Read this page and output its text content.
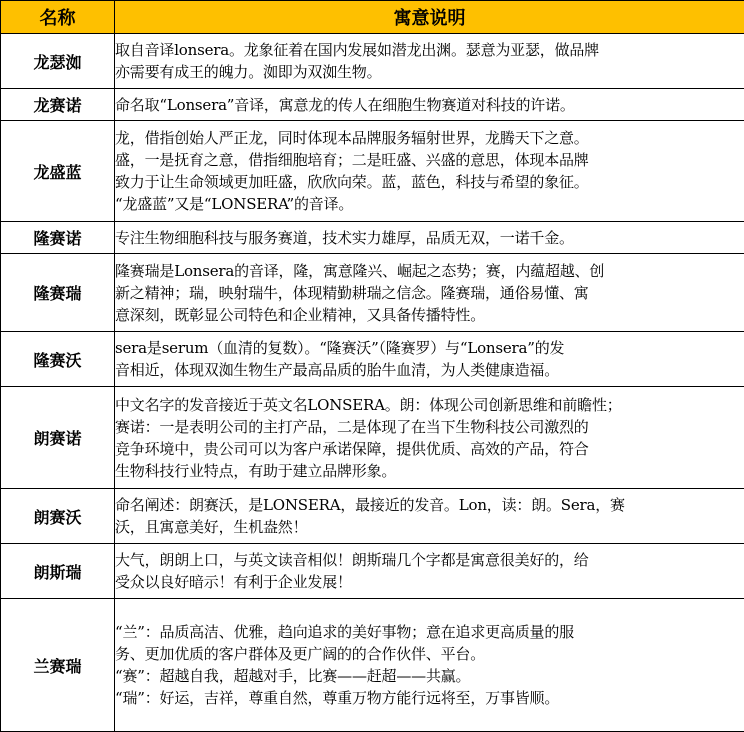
名称	寓意说明
龙瑟洳	取自音译lonsera。龙象征着在国内发展如潜龙出渊。瑟意为亚瑟，做品牌
亦需要有成王的魄力。洳即为双洳生物。

龙赛诺	命名取“Lonsera”音译，寓意龙的传人在细胞生物赛道对科技的许诺。

龙盛蓝	龙，借指创始人严正龙，同时体现本品牌服务辐射世界，龙腾天下之意。
盛，一是抚育之意，借指细胞培育；二是旺盛、兴盛的意思，体现本品牌
致力于让生命领域更加旺盛，欣欣向荣。蓝，蓝色，科技与希望的象征。
“龙盛蓝”又是“LONSERA”的音译。

隆赛诺	专注生物细胞科技与服务赛道，技术实力雄厚，品质无双，一诺千金。

隆赛瑞	隆赛瑞是Lonsera的音译，隆，寓意隆兴、崛起之态势；赛，内蕴超越、创
新之精神；瑞，映射瑞牛，体现精勤耕瑞之信念。隆赛瑞，通俗易懂、寓
意深刻，既彰显公司特色和企业精神，又具备传播特性。

隆赛沃	sera是serum（血清的复数）。“隆赛沃”（隆赛罗）与“Lonsera”的发
音相近，体现双洳生物生产最高品质的胎牛血清，为人类健康造福。

朗赛诺	中文名字的发音接近于英文名LONSERA。朗：体现公司创新思维和前瞻性；
赛诺：一是表明公司的主打产品，二是体现了在当下生物科技公司激烈的
竞争环境中，贵公司可以为客户承诺保障，提供优质、高效的产品，符合
生物科技行业特点，有助于建立品牌形象。

朗赛沃	命名阐述：朗赛沃，是LONSERA，最接近的发音。Lon，读：朗。Sera，赛
沃，且寓意美好，生机盎然！

朗斯瑞	大气，朗朗上口，与英文读音相似！朗斯瑞几个字都是寓意很美好的，给
受众以良好暗示！有利于企业发展！

兰赛瑞	“兰”：品质高洁、优雅，趋向追求的美好事物；意在追求更高质量的服
务、更加优质的客户群体及更广阔的的合作伙伴、平台。
“赛”：超越自我，超越对手，比赛——赶超——共赢。
“瑞”：好运，吉祥，尊重自然，尊重万物方能行远将至，万事皆顺。
